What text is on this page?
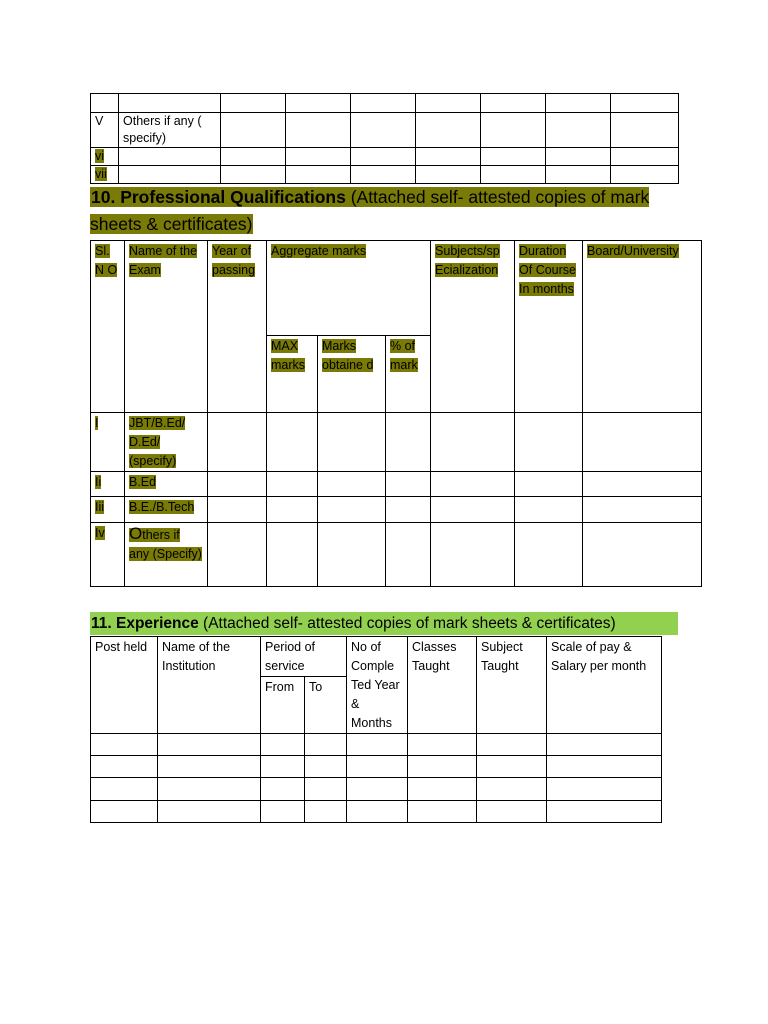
V	Others if any ( specify)							
vi								
vii								

10. Professional Qualifications (Attached self- attested copies of mark sheets & certificates)

Sl. N O	Name of the Exam	Year of passing	Aggregate marks			Subjects/sp Ecialization	Duration Of Course In months	Board/University
			MAX marks	Marks obtaine d	% of mark			
I	JBT/B.Ed/ D.Ed/ (specify)							
Ii	B.Ed							
Iii	B.E./B.Tech							
Iv	Others if any (Specify)							

11. Experience (Attached self- attested copies of mark sheets & certificates)

Post held	Name of the Institution	Period of service		No of Comple Ted Year & Months	Classes Taught	Subject Taught	Scale of pay & Salary per month
		From	To				
